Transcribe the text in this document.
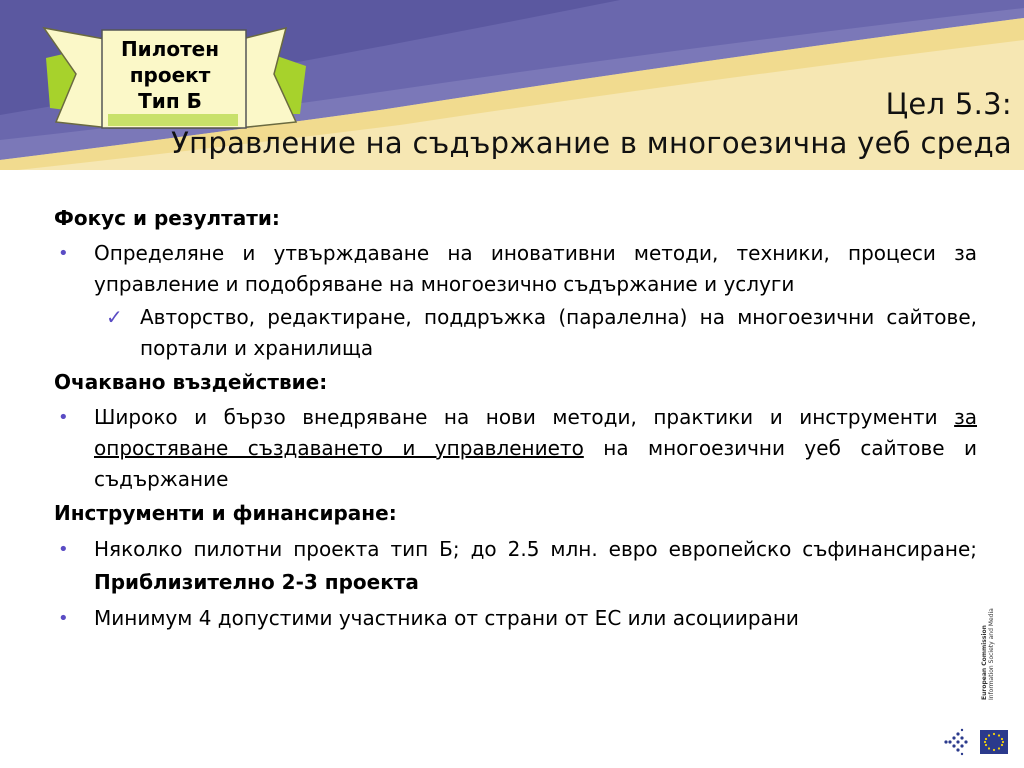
Пилотен
проект
Тип Б	Цел 5.3:
Управление на съдържание в многоезична уеб среда
Фокус и резултати:
• Определяне и утвърждаване на иновативни методи, техники, процеси за управление и подобряване на многоезично съдържание и услуги
✓ Авторство, редактиране, поддръжка (паралелна) на многоезични сайтове, портали и хранилища
Очаквано въздействие:
• Широко и бързо внедряване на нови методи, практики и инструменти за опростяване създаването и управлението на многоезични уеб сайтове и съдържание
Инструменти и финансиране:
• Няколко пилотни проекта тип Б; до 2.5 млн. евро европейско съфинансиране; Приблизително 2-3 проекта
• Минимум 4 допустими участника от страни от ЕС или асоциирани
European Commission Information Society and Media
